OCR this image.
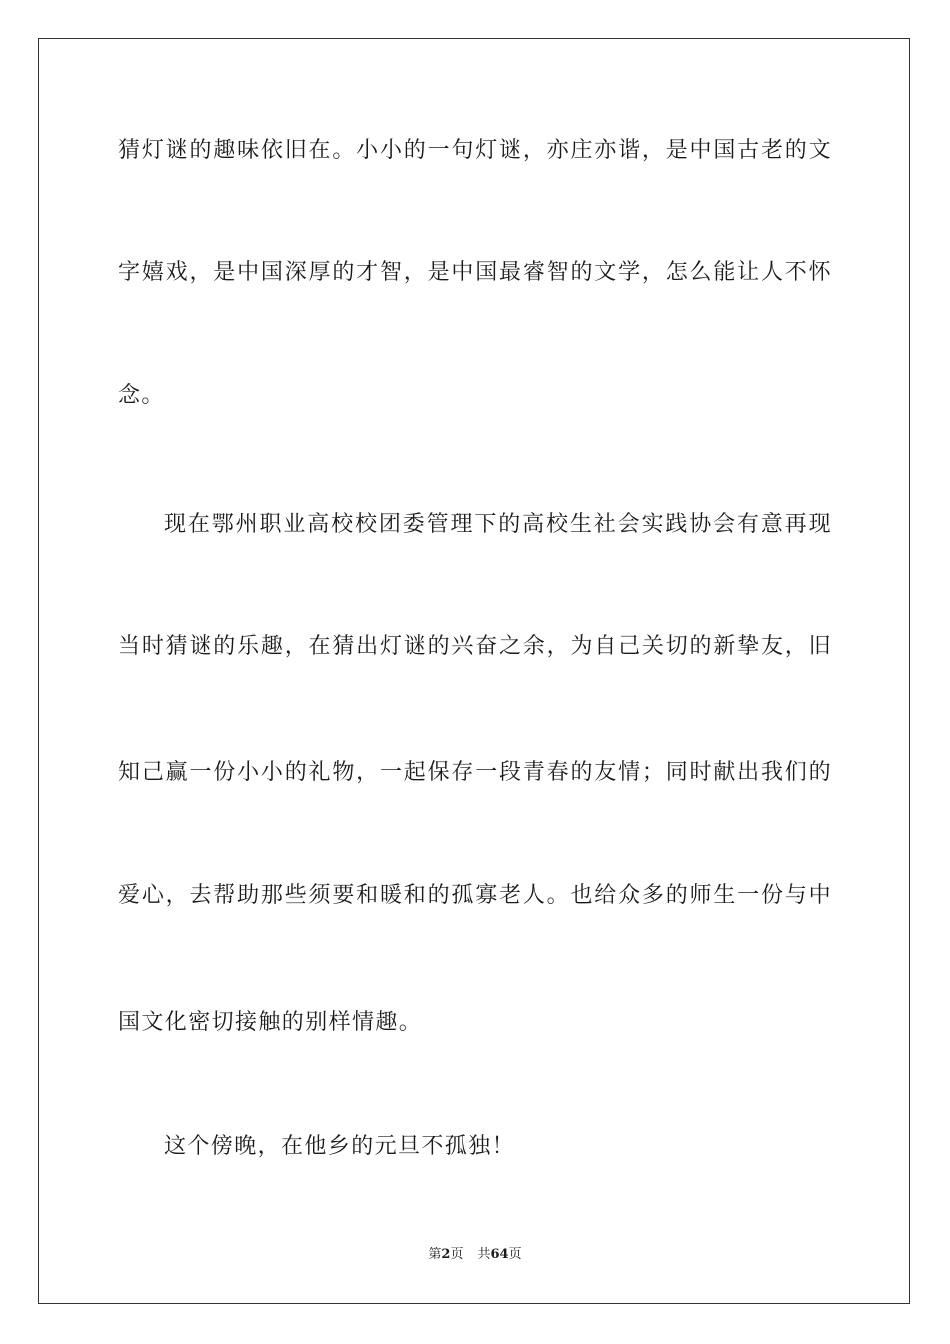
猜灯谜的趣味依旧在。小小的一句灯谜，亦庄亦谐，是中国古老的文
字嬉戏，是中国深厚的才智，是中国最睿智的文学，怎么能让人不怀
念。
现在鄂州职业高校校团委管理下的高校生社会实践协会有意再现
当时猜谜的乐趣，在猜出灯谜的兴奋之余，为自己关切的新挚友，旧
知己赢一份小小的礼物，一起保存一段青春的友情；同时献出我们的
爱心，去帮助那些须要和暖和的孤寡老人。也给众多的师生一份与中
国文化密切接触的别样情趣。
这个傍晚，在他乡的元旦不孤独！
第2页 共64页
